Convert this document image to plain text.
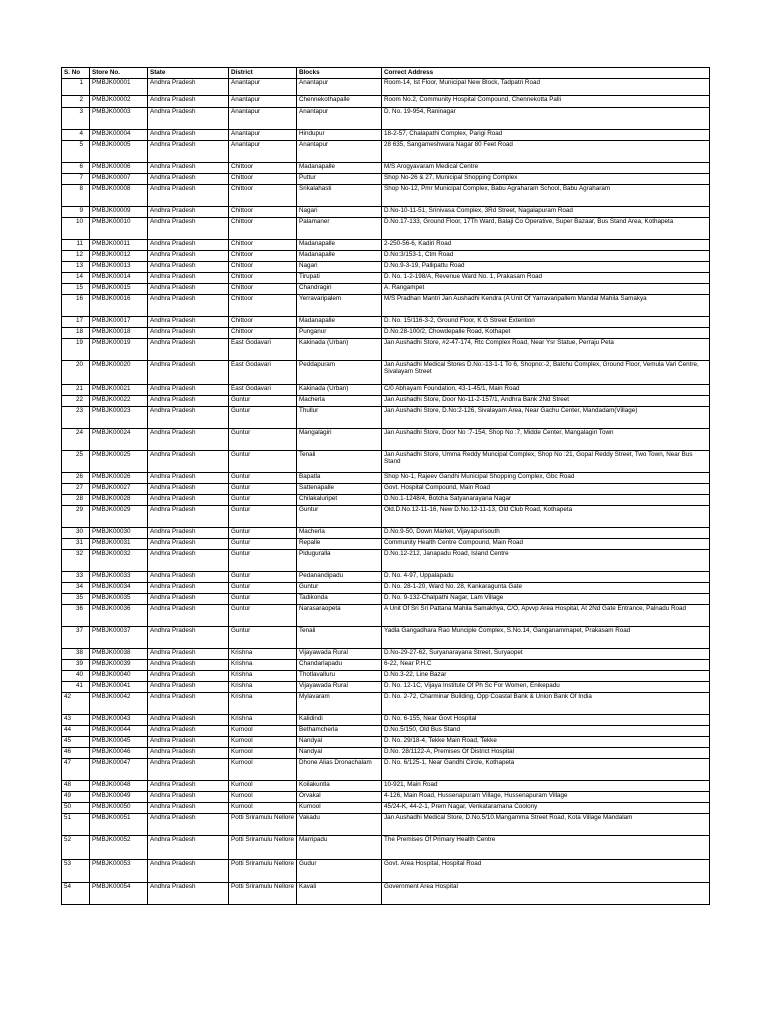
S. No	Store No.	State	District	Blocks	Correct Address
1	PMBJK00001	Andhra Pradesh	Anantapur	Anantapur	Room-14, Ist Floor, Municipal New Block, Tadpatri Road
2	PMBJK00002	Andhra Pradesh	Anantapur	Chennekothapalle	Room No.2, Community Hospital Compound, Chennekotta Palli
3	PMBJK00003	Andhra Pradesh	Anantapur	Anantapur	D. No. 19-954, Raninagar
4	PMBJK00004	Andhra Pradesh	Anantapur	Hindupur	18-2-57, Chalapathi Complex, Parigi Road
5	PMBJK00005	Andhra Pradesh	Anantapur	Anantapur	28 635, Sangameshwara Nagar 80 Feet Road
6	PMBJK00006	Andhra Pradesh	Chittoor	Madanapalle	M/S Arogyavaram Medical Centre
7	PMBJK00007	Andhra Pradesh	Chittoor	Puttur	Shop No-26 & 27, Municipal Shopping Complex
8	PMBJK00008	Andhra Pradesh	Chittoor	Srikalahasti	Shop No-12, Pmr Municipal Complex, Babu Agraharam School, Babu Agraharam
9	PMBJK00009	Andhra Pradesh	Chittoor	Nagari	D.No-10-11-51, Srinivasa Complex, 3Rd Street, Nagalapuram Road
10	PMBJK00010	Andhra Pradesh	Chittoor	Palamaner	D.No.17-133, Ground Floor, 17Th Ward, Balaji Co Operative, Super Bazaar, Bus Stand Area, Kothapeta
11	PMBJK00011	Andhra Pradesh	Chittoor	Madanapalle	2-250-56-6, Kadiri Road
12	PMBJK00012	Andhra Pradesh	Chittoor	Madanapalle	D.No:3/153-1, Ctm Road
13	PMBJK00013	Andhra Pradesh	Chittoor	Nagari	D.No.9-3-19, Pallipattu Road
14	PMBJK00014	Andhra Pradesh	Chittoor	Tirupati	D. No. 1-2-198/A, Revenue Ward No. 1, Prakasam Road
15	PMBJK00015	Andhra Pradesh	Chittoor	Chandragiri	A. Rangampet
16	PMBJK00016	Andhra Pradesh	Chittoor	Yerravaripalem	M/S Pradhan Mantri Jan Aushadhi Kendra (A Unit Of Yarravaripallem Mandal Mahila Samakya
17	PMBJK00017	Andhra Pradesh	Chittoor	Madanapalle	D. No. 15/116-3-2, Ground Floor, K G Street Extention
18	PMBJK00018	Andhra Pradesh	Chittoor	Punganur	D.No.28-100/2, Chowdepalle Road, Kothapet
19	PMBJK00019	Andhra Pradesh	East Godavari	Kakinada (Urban)	Jan Aushadhi Store, #2-47-174, Rtc Complex Road, Near Ysr Statue, Perraju Peta
20	PMBJK00020	Andhra Pradesh	East Godavari	Peddapuram	Jan Aushadhi Medical Stores D.No:-13-1-1 To 6, Shopno:-2, Batchu Complex, Ground Floor, Vemula Vari Centre, Sivalayam Street
21	PMBJK00021	Andhra Pradesh	East Godavari	Kakinada (Urban)	C/0 Abhayam Foundation, 43-1-45/1, Main Road
22	PMBJK00022	Andhra Pradesh	Guntur	Macherla	Jan Aushadhi Store, Door No-11-2-157/1, Andhra Bank 2Nd Street
23	PMBJK00023	Andhra Pradesh	Guntur	Thullur	Jan Aushadhi Store, D.No:2-126, Sivalayam Area, Near Gachu Center, Mandadam(Village)
24	PMBJK00024	Andhra Pradesh	Guntur	Mangalagiri	Jan Aushadhi Store, Door No :7-154, Shop No :7, Midde Center, Mangalagiri Town
25	PMBJK00025	Andhra Pradesh	Guntur	Tenali	Jan Aushadhi Store, Umma Reddy Muncipal Complex, Shop No :21, Gopal Reddy Street, Two Town, Near Bus Stand
26	PMBJK00026	Andhra Pradesh	Guntur	Bapatla	Shop No-1, Rajeev Gandhi Municipal Shopping Complex, Gbc Road
27	PMBJK00027	Andhra Pradesh	Guntur	Sattenapalle	Govt. Hospital Compound, Main Road
28	PMBJK00028	Andhra Pradesh	Guntur	Chilakaluripet	D.No.1-1248/4, Botcha Satyanarayana Nagar
29	PMBJK00029	Andhra Pradesh	Guntur	Guntur	Old.D.No.12-11-16, New D.No.12-11-13, Old Club Road, Kothapeta
30	PMBJK00030	Andhra Pradesh	Guntur	Macherla	D.No.9-50, Down Market, Vijayapurisouth
31	PMBJK00031	Andhra Pradesh	Guntur	Repalle	Community Health Centre Compound, Main Road
32	PMBJK00032	Andhra Pradesh	Guntur	Piduguralla	D.No.12-212, Janapadu Road, Island Centre
33	PMBJK00033	Andhra Pradesh	Guntur	Pedanandipadu	D. No. 4-97, Uppalapadu
34	PMBJK00034	Andhra Pradesh	Guntur	Guntur	D. No. 28-1-20, Ward No. 28, Kankaragunta Gate
35	PMBJK00035	Andhra Pradesh	Guntur	Tadikonda	D. No. 9-132-Chalpathi Nagar, Lam Village
36	PMBJK00036	Andhra Pradesh	Guntur	Narasaraopeta	A Unit Of Sri Sri Pattana Mahila Samakhya, C/O, Apvvp Area Hospital, At 2Nd Gate Entrance, Palnadu Road
37	PMBJK00037	Andhra Pradesh	Guntur	Tenali	Yadla Gangadhara Rao Munciple Complex, S.No.14, Ganganammapet, Prakasam Road
38	PMBJK00038	Andhra Pradesh	Krishna	Vijayawada Rural	D.No-29-27-62, Suryanarayana Street, Suryaopet
39	PMBJK00039	Andhra Pradesh	Krishna	Chandarlapadu	6-22, Near P.H.C
40	PMBJK00040	Andhra Pradesh	Krishna	Thotlavalluru	D.No.3-22, Line Bazar
41	PMBJK00041	Andhra Pradesh	Krishna	Vijayawada Rural	D. No. 12-1C, Vijaya Institute Of Ph Sc For Women, Enikepadu
42	PMBJK00042	Andhra Pradesh	Krishna	Mylavaram	D. No. 2-72, Charminar Building, Opp Coastal Bank & Union Bank Of India
43	PMBJK00043	Andhra Pradesh	Krishna	Kalidindi	D. No. 6-155, Near Govt Hospital
44	PMBJK00044	Andhra Pradesh	Kurnool	Bethamcherla	D.No.5/150, Old Bus Stand
45	PMBJK00045	Andhra Pradesh	Kurnool	Nandyal	D. No. 29/18-4, Tekke Main Road, Tekke
46	PMBJK00046	Andhra Pradesh	Kurnool	Nandyal	D.No. 28/1122-A, Premises Of District Hospital
47	PMBJK00047	Andhra Pradesh	Kurnool	Dhone Alias Dronachalam	D. No. 6/125-1, Near Gandhi Circle, Kothapeta
48	PMBJK00048	Andhra Pradesh	Kurnool	Koilakuntla	10-921, Main Road
49	PMBJK00049	Andhra Pradesh	Kurnool	Orvakal	4-126, Main Road, Hussenapuram Village, Hussenapuram Village
50	PMBJK00050	Andhra Pradesh	Kurnool	Kurnool	45/24-K, 44-2-1, Prem Nagar, Venkataramana Coolony
51	PMBJK00051	Andhra Pradesh	Potti Sriramulu Nellore	Vakadu	Jan Aushadhi Medical Store, D.No.5/10.Mangamma Street Road, Kota Village Mandalam
52	PMBJK00052	Andhra Pradesh	Potti Sriramulu Nellore	Marripadu	The Premises Of Primary Health Centre
53	PMBJK00053	Andhra Pradesh	Potti Sriramulu Nellore	Gudur	Govt. Area Hospital, Hospital Road
54	PMBJK00054	Andhra Pradesh	Potti Sriramulu Nellore	Kavali	Government Area Hospital
